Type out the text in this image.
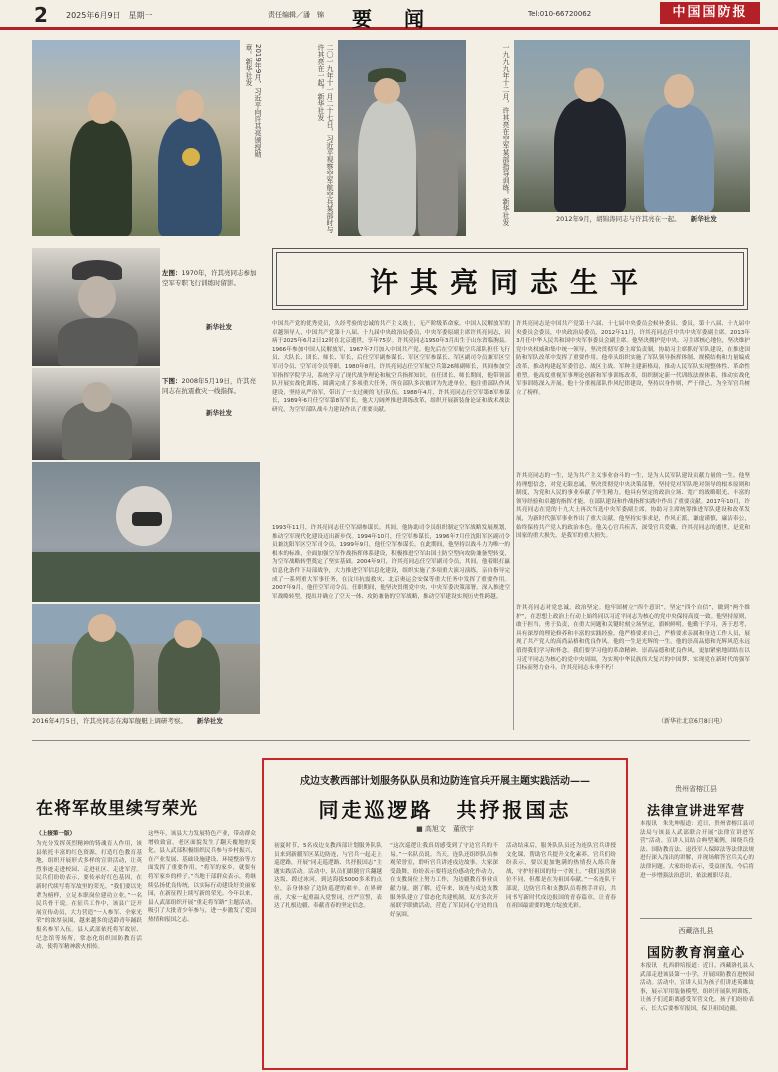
2 2025年6月9日　星期一	责任编辑／潘　锦 要　闻	Tel:010-66720062	中国国防报
2019年9月，习近平向许其亮颁授勋章。新华社发	二〇一九年十一月二十七日，习近平视察空军航空兵某部时与许其亮在一起。新华社发	一九九九年十二月，许其亮在空军某部指导训练。新华社发	2012年9月，胡锦涛同志与许其亮在一起。 新华社发
左图：1970年，许其亮同志参加空军专职飞行训练时留影。
新华社发
下图：2008年5月19日，许其亮同志在抗震救灾一线指挥。
新华社发
2016年4月5日，许其亮同志在海军舰艇上调研考察。 新华社发
许其亮同志生平
中国共产党的优秀党员，久经考验的忠诚的共产主义战士，无产阶级革命家，中国人民解放军的卓越领导人，中国共产党第十八届、十九届中央政治局委员，中央军委原副主席许其亮同志，因病于2025年6月2日12时在北京逝世，享年75岁。许其亮同志1950年3月出生于山东省临朐县。1966年参加中国人民解放军，1967年7月加入中国共产党。他先后在空军航空兵部队担任飞行员、大队长、团长、师长、军长，后任空军副参谋长、军区空军参谋长、军区副司令员兼军区空军司令员、空军司令员等职。1980年8月，许其亮同志任空军航空兵第26师副师长，其间参加空军指挥学院学习，系统学习了现代战争理论和航空兵指挥知识。在任团长、师长期间，他带领部队开展实战化训练，圆满完成了多项重大任务，所在部队多次被评为先进单位。他注重部队作风建设，坚持从严治军，带出了一支过硬的飞行队伍。1988年4月，许其亮同志任空军第8军参谋长，1989年6月任空军第8军军长。他大刀阔斧推进训练改革，组织开展新装备论证和战术战法研究，为空军部队战斗力建设作出了重要贡献。
1993年11月，许其亮同志任空军副参谋长。其间，他协助司令员组织制定空军战略发展规划，推动空军现代化建设迈出新步伐。1994年10月，任空军参谋长，1996年7月任沈阳军区副司令员兼沈阳军区空军司令员。1999年9月，他任空军参谋长。在此期间，他坚持以战斗力为唯一的根本的标准，全面加强空军作战指挥体系建设，积极推进空军由国土防空型向攻防兼备型转变，为空军战略转型奠定了坚实基础。2004年9月，许其亮同志任空军副司令员，其间，他着眼打赢信息化条件下局部战争，大力推进空军信息化建设，组织实施了多项重大演习演练，亲自指导完成了一系列重大军事任务，在汶川抗震救灾、北京奥运会安保等重大任务中发挥了重要作用。2007年9月，他任空军司令员。任职期间，他坚决贯彻党中央、中央军委决策部署，深入推进空军战略转型，提出并确立了空天一体、攻防兼备的空军战略，推动空军建设实现历史性跨越。
许其亮同志是中国共产党第十六届、十七届中央委员会候补委员、委员，第十八届、十九届中央委员会委员，中央政治局委员。2012年11月，许其亮同志任中共中央军委副主席。2013年3月任中华人民共和国中央军事委员会副主席。他坚决拥护党中央、习主席核心地位，坚决维护党中央权威和集中统一领导，坚决贯彻军委主席负责制，协助习主席抓好军队建设，在推进国防和军队改革中发挥了重要作用。他牵头组织实施了军队领导指挥体制、规模结构和力量编成改革，推动构建起军委管总、战区主战、军种主建新格局，推动人民军队实现整体性、革命性重塑。他高度重视军事理论创新和军事训练改革，组织制定新一代训练法规体系，推动实战化军事训练深入开展。他十分重视部队作风纪律建设，坚持以身作则，严于律己，为全军官兵树立了榜样。
许其亮同志的一生，是为共产主义事业奋斗的一生，是为人民军队建设贡献力量的一生。他坚持理想信念，对党无限忠诚，坚决贯彻党中央决策部署，坚持党对军队绝对领导的根本原则和制度，为党和人民的事业奉献了毕生精力。他具有坚定的政治立场、宽广的战略眼光、丰富的领导经验和卓越的指挥才能，在部队建设和作战指挥实践中作出了重要贡献。2017年10月，许其亮同志在党的十九大上再次当选中央军委副主席，协助习主席统筹推进军队建设和改革发展，为新时代强军事业作出了重大贡献。他坚持实事求是，作风正派，谦虚谨慎，廉洁奉公，始终保持共产党人的政治本色。他关心官兵疾苦，深受官兵爱戴。许其亮同志的逝世，是党和国家的重大损失，是我军的重大损失。
许其亮同志对党忠诚，政治坚定。他牢固树立“四个意识”，坚定“四个自信”，做到“两个维护”，在思想上政治上行动上始终同以习近平同志为核心的党中央保持高度一致。他坚持原则，敢于担当，勇于负责，在重大问题和关键时刻立场坚定，旗帜鲜明。他勤于学习，善于思考，具有深厚的理论修养和丰富的实践经验。他严格要求自己，严格要求亲属和身边工作人员，展现了共产党人的高尚品格和优良作风。他的一生是光辉的一生，他的崇高品德和光辉风范永远值得我们学习和怀念。我们要学习他的革命精神、崇高品德和优良作风，更加紧密地团结在以习近平同志为核心的党中央周围，为实现中华民族伟大复兴的中国梦、实现党在新时代的强军目标而努力奋斗。许其亮同志永垂不朽！
（新华社北京6月8日电）
在将军故里续写荣光
（上接第一版）
为充分发挥英烈精神的铸魂育人作用，该县依托丰富的红色资源，打造红色教育基地，组织开展形式多样的宣讲活动，让英烈事迹走进校园、走进社区、走进军营。民兵们纷纷表示，要传承好红色基因，在新时代续写将军故里的荣光。“我们要以先辈为榜样，立足本职岗位建功立业。”一名民兵骨干说。在征兵工作中，该县广泛开展宣传动员，大力营造“一人参军、全家光荣”的浓厚氛围，越来越多的适龄青年踊跃报名参军入伍。县人武部依托将军故居、纪念馆等场所，常态化组织国防教育活动，使将军精神薪火相传。
这些年，该县大力发展特色产业，带动群众增收致富，老区面貌发生了翻天覆地的变化。县人武部积极组织民兵参与乡村振兴，在产业发展、基础设施建设、环境整治等方面发挥了重要作用。“将军的家乡，就要有将军家乡的样子。”当地干部群众表示，将继续弘扬优良传统，以实际行动建设好美丽家园，在新征程上续写新的荣光。今年以来，县人武部组织开展“重走将军路”主题活动，吸引了大批青少年参与，进一步激发了爱国热情和报国之志。
戍边支教西部计划服务队队员和边防连官兵开展主题实践活动——
同走巡逻路　共抒报国志
■ 高旭文　董欣宇
初夏时节，5名戍边支教西部计划服务队队员来到新疆军区某边防连，与官兵一起走上巡逻路，开展“同走巡逻路、共抒报国志”主题实践活动。活动中，队员们跟随官兵翻越达坂、蹚过冰河，到达海拔5000多米的点位，亲身体验了边防巡逻的艰辛。在界碑前，大家一起重温入党誓词，庄严宣誓，表达了扎根边疆、奉献青春的坚定信念。
“这次巡逻让我真切感受到了守边官兵的不易。”一名队员说。当天，连队还组织队员参观荣誉室，聆听官兵讲述戍边故事。大家深受鼓舞，纷纷表示要将这份感动化作动力，在支教岗位上努力工作，为边疆教育事业贡献力量。据了解，近年来，该连与戍边支教服务队建立了常态化共建机制，双方多次开展联学联做活动，营造了军民同心守边的良好氛围。
活动结束后，服务队队员还为连队官兵讲授文化课，帮助官兵提升文化素养。官兵们纷纷表示，要以更加饱满的热情投入练兵备战，守护好祖国的每一寸领土。“我们虽然岗位不同，但都是在为祖国奉献。”一名连队干部说，边防官兵和支教队员将携手并肩，共同书写新时代戍边报国的青春篇章，让青春在祖国最需要的地方绽放光彩。
贵州省榕江县
法律宣讲进军营
本报讯　朱先坤报道：近日，贵州省榕江县司法局与该县人武部联合开展“法律宣讲进军营”活动。宣讲人员结合典型案例，围绕兵役法、国防教育法、退役军人保障法等法律法规进行深入浅出的讲解，并现场解答官兵关心的法律问题。大家纷纷表示，受益匪浅，今后将进一步增强法治意识，依法履职尽责。
西藏洛扎县
国防教育润童心
本报讯　扎西群培报道：近日，西藏洛扎县人武部走进该县第一小学，开展国防教育进校园活动。活动中，宣讲人员为孩子们讲述英雄故事，展示军用装备模型，组织开展队列训练，让孩子们近距离感受军营文化。孩子们纷纷表示，长大后要参军报国，保卫祖国边疆。
